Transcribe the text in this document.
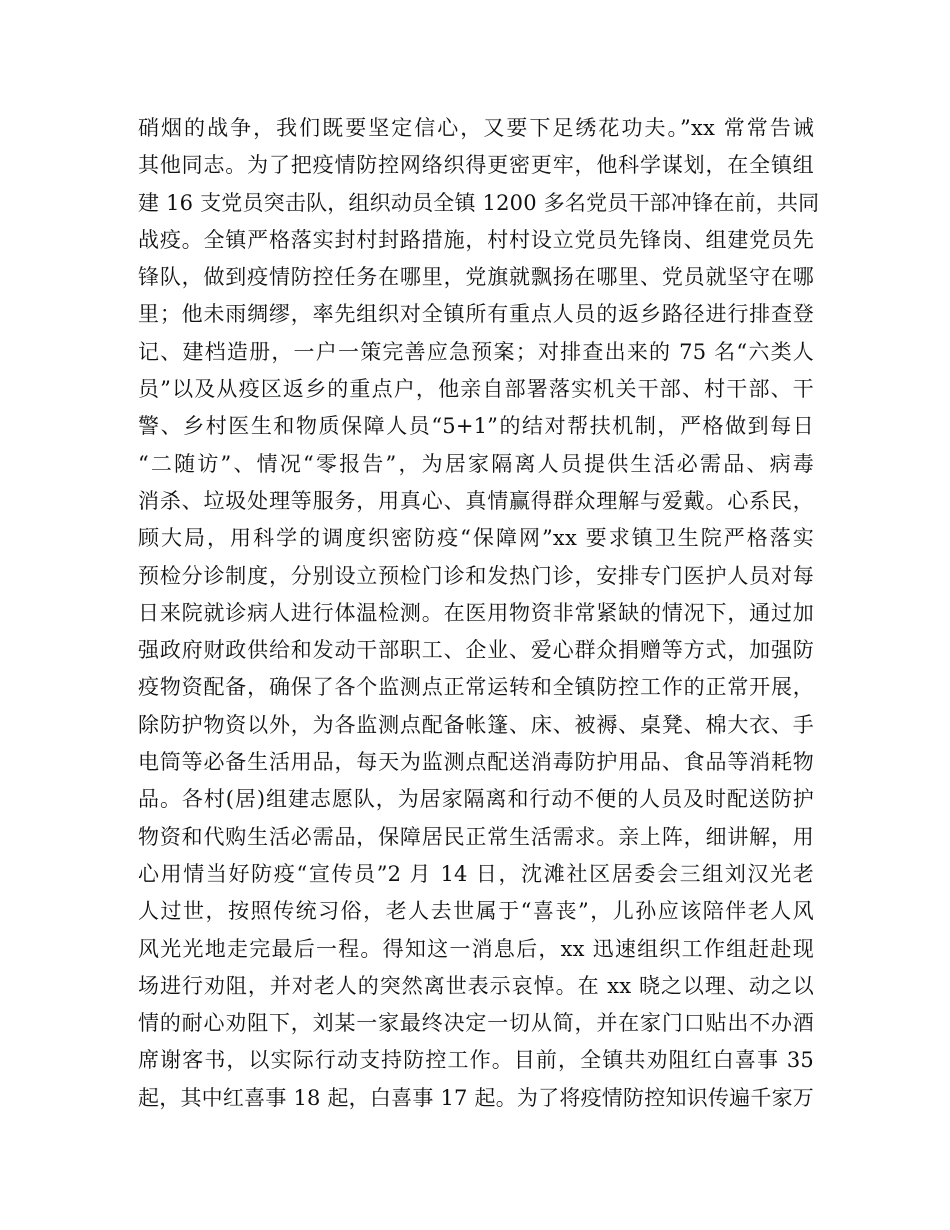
硝烟的战争，我们既要坚定信心，又要下足绣花功夫。”xx 常常告诫
其他同志。为了把疫情防控网络织得更密更牢，他科学谋划，在全镇组
建 16 支党员突击队，组织动员全镇 1200 多名党员干部冲锋在前，共同
战疫。全镇严格落实封村封路措施，村村设立党员先锋岗、组建党员先
锋队，做到疫情防控任务在哪里，党旗就飘扬在哪里、党员就坚守在哪
里；他未雨绸缪，率先组织对全镇所有重点人员的返乡路径进行排查登
记、建档造册，一户一策完善应急预案；对排查出来的 75 名“六类人
员”以及从疫区返乡的重点户，他亲自部署落实机关干部、村干部、干
警、乡村医生和物质保障人员“5+1”的结对帮扶机制，严格做到每日
“二随访”、情况“零报告”，为居家隔离人员提供生活必需品、病毒
消杀、垃圾处理等服务，用真心、真情赢得群众理解与爱戴。心系民，
顾大局，用科学的调度织密防疫“保障网”xx 要求镇卫生院严格落实
预检分诊制度，分别设立预检门诊和发热门诊，安排专门医护人员对每
日来院就诊病人进行体温检测。在医用物资非常紧缺的情况下，通过加
强政府财政供给和发动干部职工、企业、爱心群众捐赠等方式，加强防
疫物资配备，确保了各个监测点正常运转和全镇防控工作的正常开展，
除防护物资以外，为各监测点配备帐篷、床、被褥、桌凳、棉大衣、手
电筒等必备生活用品，每天为监测点配送消毒防护用品、食品等消耗物
品。各村(居)组建志愿队，为居家隔离和行动不便的人员及时配送防护
物资和代购生活必需品，保障居民正常生活需求。亲上阵，细讲解，用
心用情当好防疫“宣传员”2 月 14 日，沈滩社区居委会三组刘汉光老
人过世，按照传统习俗，老人去世属于“喜丧”，儿孙应该陪伴老人风
风光光地走完最后一程。得知这一消息后，xx 迅速组织工作组赶赴现
场进行劝阻，并对老人的突然离世表示哀悼。在 xx 晓之以理、动之以
情的耐心劝阻下，刘某一家最终决定一切从简，并在家门口贴出不办酒
席谢客书，以实际行动支持防控工作。目前，全镇共劝阻红白喜事 35
起，其中红喜事 18 起，白喜事 17 起。为了将疫情防控知识传遍千家万
